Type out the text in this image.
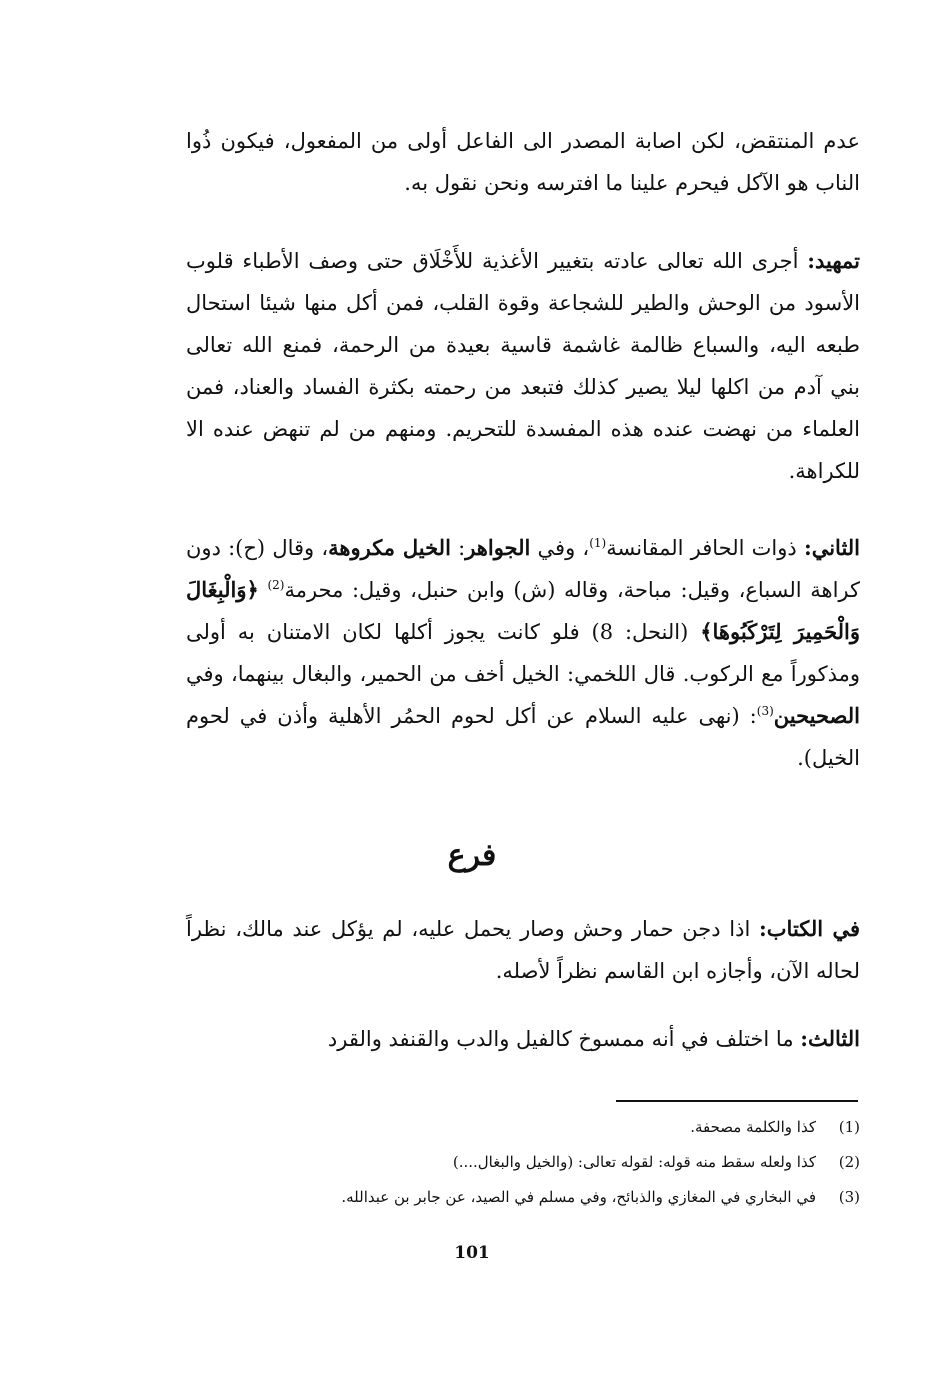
عدم المنتقض، لكن اصابة المصدر الى الفاعل أولى من المفعول، فيكون ذُوا الناب هو الآكل فيحرم علينا ما افترسه ونحن نقول به.

تمهيد: أجرى الله تعالى عادته بتغيير الأغذية للأَخْلَاق حتى وصف الأطباء قلوب الأسود من الوحش والطير للشجاعة وقوة القلب، فمن أكل منها شيئا استحال طبعه اليه، والسباع ظالمة غاشمة قاسية بعيدة من الرحمة، فمنع الله تعالى بني آدم من اكلها ليلا يصير كذلك فتبعد من رحمته بكثرة الفساد والعناد، فمن العلماء من نهضت عنده هذه المفسدة للتحريم. ومنهم من لم تنهض عنده الا للكراهة.

الثاني: ذوات الحافر المقانسة$^{(1)}$، وفي الجواهر: الخيل مكروهة، وقال (ح): دون كراهة السباع، وقيل: مباحة، وقاله (ش) وابن حنبل، وقيل: محرمة$^{(2)}$ ﴿وَالْبِغَالَ وَالْحَمِيرَ لِتَرْكَبُوهَا﴾ (النحل: 8) فلو كانت يجوز أكلها لكان الامتنان به أولى ومذكوراً مع الركوب. قال اللخمي: الخيل أخف من الحمير، والبغال بينهما، وفي الصحيحين$^{(3)}$: (نهى عليه السلام عن أكل لحوم الحمُر الأهلية وأذن في لحوم الخيل).

فرع

في الكتاب: اذا دجن حمار وحش وصار يحمل عليه، لم يؤكل عند مالك، نظراً لحاله الآن، وأجازه ابن القاسم نظراً لأصله.

الثالث: ما اختلف في أنه ممسوخ كالفيل والدب والقنفد والقرد

(1)
كذا والكلمة مصحفة.
(2)
كذا ولعله سقط منه قوله: لقوله تعالى: (والخيل والبغال....)
(3)
في البخاري في المغازي والذبائح، وفي مسلم في الصيد، عن جابر بن عبدالله.
101
